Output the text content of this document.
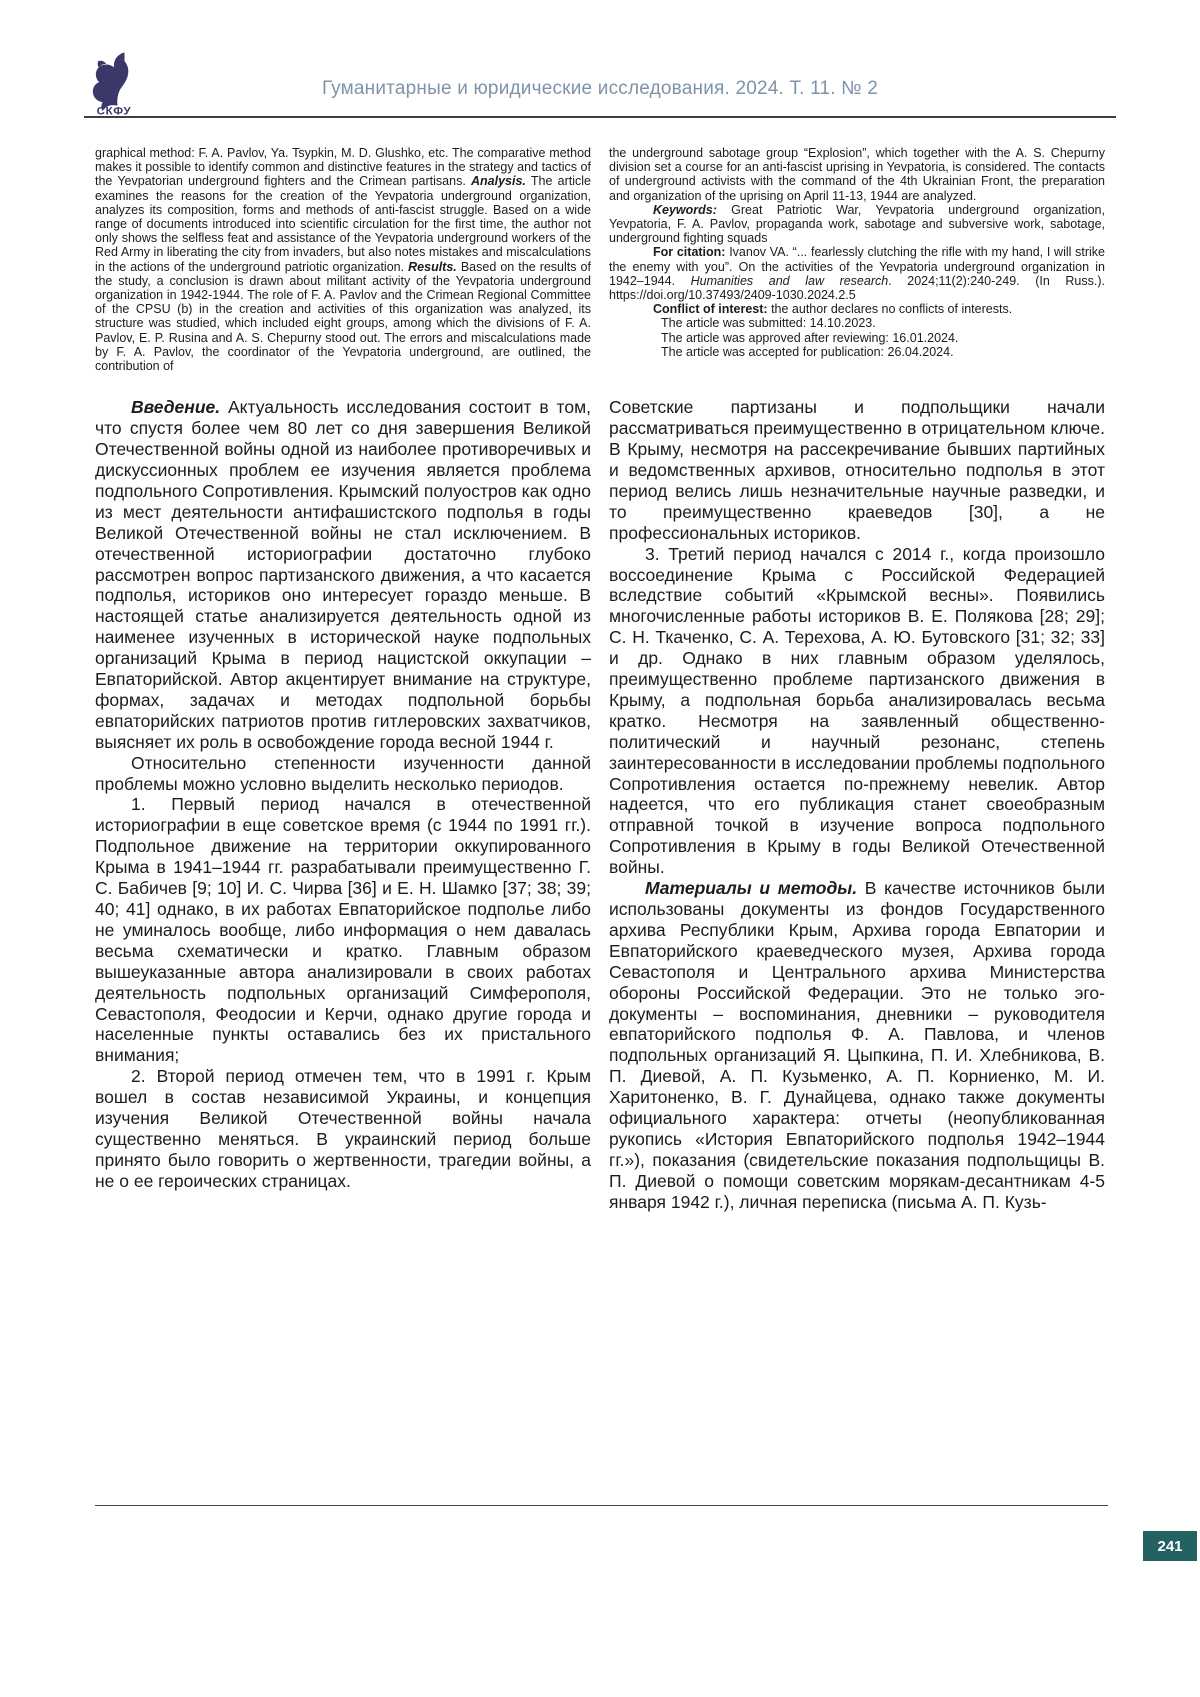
СКФУ
Гуманитарные и юридические исследования. 2024. Т. 11. № 2

graphical method: F. A. Pavlov, Ya. Tsypkin, M. D. Glushko, etc. The comparative method makes it possible to identify common and distinctive features in the strategy and tactics of the Yevpatorian underground fighters and the Crimean partisans. Analysis. The article examines the reasons for the creation of the Yevpatoria underground organization, analyzes its composition, forms and methods of anti-fascist struggle. Based on a wide range of documents introduced into scientific circulation for the first time, the author not only shows the selfless feat and assistance of the Yevpatoria underground workers of the Red Army in liberating the city from invaders, but also notes mistakes and miscalculations in the actions of the underground patriotic organization. Results. Based on the results of the study, a conclusion is drawn about militant activity of the Yevpatoria underground organization in 1942-1944. The role of F. A. Pavlov and the Crimean Regional Committee of the CPSU (b) in the creation and activities of this organization was analyzed, its structure was studied, which included eight groups, among which the divisions of F. A. Pavlov, E. P. Rusina and A. S. Chepurny stood out. The errors and miscalculations made by F. A. Pavlov, the coordinator of the Yevpatoria underground, are outlined, the contribution of

the underground sabotage group “Explosion”, which together with the A. S. Chepurny division set a course for an anti-fascist uprising in Yevpatoria, is considered. The contacts of underground activists with the command of the 4th Ukrainian Front, the preparation and organization of the uprising on April 11-13, 1944 are analyzed.

Keywords: Great Patriotic War, Yevpatoria underground organization, Yevpatoria, F. A. Pavlov, propaganda work, sabotage and subversive work, sabotage, underground fighting squads

For citation: Ivanov VA. “... fearlessly clutching the rifle with my hand, I will strike the enemy with you”. On the activities of the Yevpatoria underground organization in 1942–1944. Humanities and law research. 2024;11(2):240-249. (In Russ.). https://doi.org/10.37493/2409-1030.2024.2.5

Conflict of interest: the author declares no conflicts of interests.

The article was submitted: 14.10.2023.

The article was approved after reviewing: 16.01.2024.

The article was accepted for publication: 26.04.2024.

Введение. Актуальность исследования состоит в том, что спустя более чем 80 лет со дня завершения Великой Отечественной войны одной из наиболее противоречивых и дискуссионных проблем ее изучения является проблема подпольного Сопротивления. Крымский полуостров как одно из мест деятельности антифашистского подполья в годы Великой Отечественной войны не стал исключением. В отечественной историографии достаточно глубоко рассмотрен вопрос партизанского движения, а что касается подполья, историков оно интересует гораздо меньше. В настоящей статье анализируется деятельность одной из наименее изученных в исторической науке подпольных организаций Крыма в период нацистской оккупации – Евпаторийской. Автор акцентирует внимание на структуре, формах, задачах и методах подпольной борьбы евпаторийских патриотов против гитлеровских захватчиков, выясняет их роль в освобождение города весной 1944 г.

Относительно степенности изученности данной проблемы можно условно выделить несколько периодов.

1. Первый период начался в отечественной историографии в еще советское время (с 1944 по 1991 гг.). Подпольное движение на территории оккупированного Крыма в 1941–1944 гг. разрабатывали преимущественно Г. С. Бабичев [9; 10] И. С. Чирва [36] и Е. Н. Шамко [37; 38; 39; 40; 41] однако, в их работах Евпаторийское подполье либо не уминалось вообще, либо информация о нем давалась весьма схематически и кратко. Главным образом вышеуказанные автора анализировали в своих работах деятельность подпольных организаций Симферополя, Севастополя, Феодосии и Керчи, однако другие города и населенные пункты оставались без их пристального внимания;

2. Второй период отмечен тем, что в 1991 г. Крым вошел в состав независимой Украины, и концепция изучения Великой Отечественной войны начала существенно меняться. В украинский период больше принято было говорить о жертвенности, трагедии войны, а не о ее героических страницах.

Советские партизаны и подпольщики начали рассматриваться преимущественно в отрицательном ключе. В Крыму, несмотря на рассекречивание бывших партийных и ведомственных архивов, относительно подполья в этот период велись лишь незначительные научные разведки, и то преимущественно краеведов [30], а не профессиональных историков.

3. Третий период начался с 2014 г., когда произошло воссоединение Крыма с Российской Федерацией вследствие событий «Крымской весны». Появились многочисленные работы историков В. Е. Полякова [28; 29]; С. Н. Ткаченко, С. А. Терехова, А. Ю. Бутовского [31; 32; 33] и др. Однако в них главным образом уделялось, преимущественно проблеме партизанского движения в Крыму, а подпольная борьба анализировалась весьма кратко. Несмотря на заявленный общественно-политический и научный резонанс, степень заинтересованности в исследовании проблемы подпольного Сопротивления остается по-прежнему невелик. Автор надеется, что его публикация станет своеобразным отправной точкой в изучение вопроса подпольного Сопротивления в Крыму в годы Великой Отечественной войны.

Материалы и методы. В качестве источников были использованы документы из фондов Государственного архива Республики Крым, Архива города Евпатории и Евпаторийского краеведческого музея, Архива города Севастополя и Центрального архива Министерства обороны Российской Федерации. Это не только эго-документы – воспоминания, дневники – руководителя евпаторийского подполья Ф. А. Павлова, и членов подпольных организаций Я. Цыпкина, П. И. Хлебникова, В. П. Диевой, А. П. Кузьменко, А. П. Корниенко, М. И. Харитоненко, В. Г. Дунайцева, однако также документы официального характера: отчеты (неопубликованная рукопись «История Евпаторийского подполья 1942–1944 гг.»), показания (свидетельские показания подпольщицы В. П. Диевой о помощи советским морякам-десантникам 4-5 января 1942 г.), личная переписка (письма А. П. Кузь-

241
